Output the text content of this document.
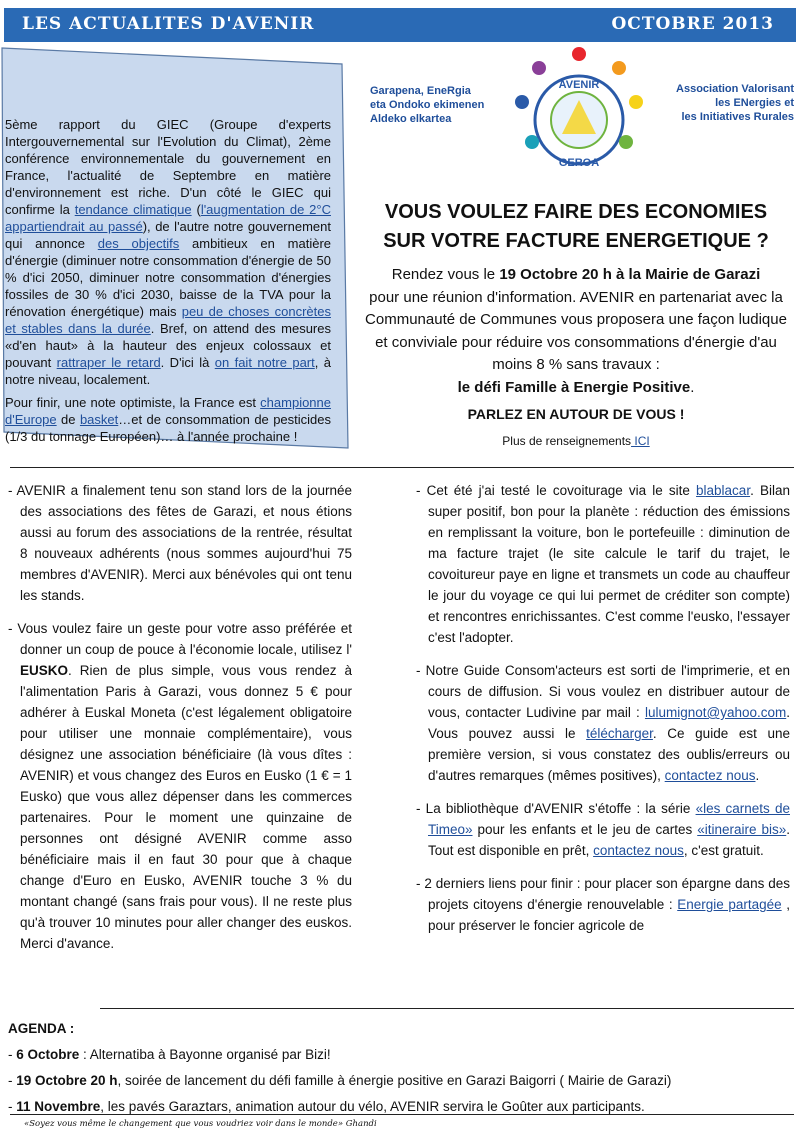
LES ACTUALITES D'AVENIR	OCTOBRE 2013

5ème rapport du GIEC (Groupe d'experts Intergouvernemental sur l'Evolution du Climat), 2ème conférence environnementale du gouvernement en France, l'actualité de Septembre en matière d'environnement est riche. D'un côté le GIEC qui confirme la tendance climatique (l'augmentation de 2°C appartiendrait au passé), de l'autre notre gouvernement qui annonce des objectifs ambitieux en matière d'énergie (diminuer notre consommation d'énergie de 50 % d'ici 2050, diminuer notre consommation d'énergies fossiles de 30 % d'ici 2030, baisse de la TVA pour la rénovation énergétique) mais peu de choses concrètes et stables dans la durée. Bref, on attend des mesures «d'en haut» à la hauteur des enjeux colossaux et pouvant rattraper le retard. D'ici là on fait notre part, à notre niveau, localement.

Pour finir, une note optimiste, la France est championne d'Europe de basket…et de consommation de pesticides (1/3 du tonnage Européen)… à l'année prochaine !

Garapena, EneRgia
eta Ondoko ekimenen
Aldeko elkartea
AVENIR
GEROA
Association Valorisant
les ENergies et
les Initiatives Rurales
VOUS VOULEZ FAIRE DES ECONOMIES
SUR VOTRE FACTURE ENERGETIQUE ?

Rendez vous le 19 Octobre 20 h à la Mairie de Garazi

pour une réunion d'information. AVENIR en partenariat avec la Communauté de Communes vous proposera une façon ludique et conviviale pour réduire vos consommations d'énergie d'au moins 8 % sans travaux :

le défi Famille à Energie Positive.

PARLEZ EN AUTOUR DE VOUS !

Plus de renseignements ICI

- AVENIR a finalement tenu son stand lors de la journée des associations des fêtes de Garazi, et nous étions aussi au forum des associations de la rentrée, résultat 8 nouveaux adhérents (nous sommes aujourd'hui 75 membres d'AVENIR). Merci aux bénévoles qui ont tenu les stands.

- Vous voulez faire un geste pour votre asso préférée et donner un coup de pouce à l'économie locale, utilisez l' EUSKO. Rien de plus simple, vous vous rendez à l'alimentation Paris à Garazi, vous donnez 5 € pour adhérer à Euskal Moneta (c'est légalement obligatoire pour utiliser une monnaie complémentaire), vous désignez une association bénéficiaire (là vous dîtes : AVENIR) et vous changez des Euros en Eusko (1 € = 1 Eusko) que vous allez dépenser dans les commerces partenaires. Pour le moment une quinzaine de personnes ont désigné AVENIR comme asso bénéficiaire mais il en faut 30 pour que à chaque change d'Euro en Eusko, AVENIR touche 3 % du montant changé (sans frais pour vous). Il ne reste plus qu'à trouver 10 minutes pour aller changer des euskos. Merci d'avance.

- Cet été j'ai testé le covoiturage via le site blablacar. Bilan super positif, bon pour la planète : réduction des émissions en remplissant la voiture, bon le portefeuille : diminution de ma facture trajet (le site calcule le tarif du trajet, le covoitureur paye en ligne et transmets un code au chauffeur le jour du voyage ce qui lui permet de créditer son compte) et rencontres enrichissantes. C'est comme l'eusko, l'essayer c'est l'adopter.

- Notre Guide Consom'acteurs est sorti de l'imprimerie, et en cours de diffusion. Si vous voulez en distribuer autour de vous, contacter Ludivine par mail : lulumignot@yahoo.com. Vous pouvez aussi le télécharger. Ce guide est une première version, si vous constatez des oublis/erreurs ou d'autres remarques (mêmes positives), contactez nous.

- La bibliothèque d'AVENIR s'étoffe : la série «les carnets de Timeo» pour les enfants et le jeu de cartes «itineraire bis». Tout est disponible en prêt, contactez nous, c'est gratuit.

- 2 derniers liens pour finir : pour placer son épargne dans des projets citoyens d'énergie renouvelable : Energie partagée , pour préserver le foncier agricole de

AGENDA :

- 6 Octobre : Alternatiba à Bayonne organisé par Bizi!

- 19 Octobre 20 h, soirée de lancement du défi famille à énergie positive en Garazi Baigorri ( Mairie de Garazi)

- 11 Novembre, les pavés Garaztars, animation autour du vélo, AVENIR servira le Goûter aux participants.

«Soyez vous même le changement que vous voudriez voir dans le monde» Ghandi
